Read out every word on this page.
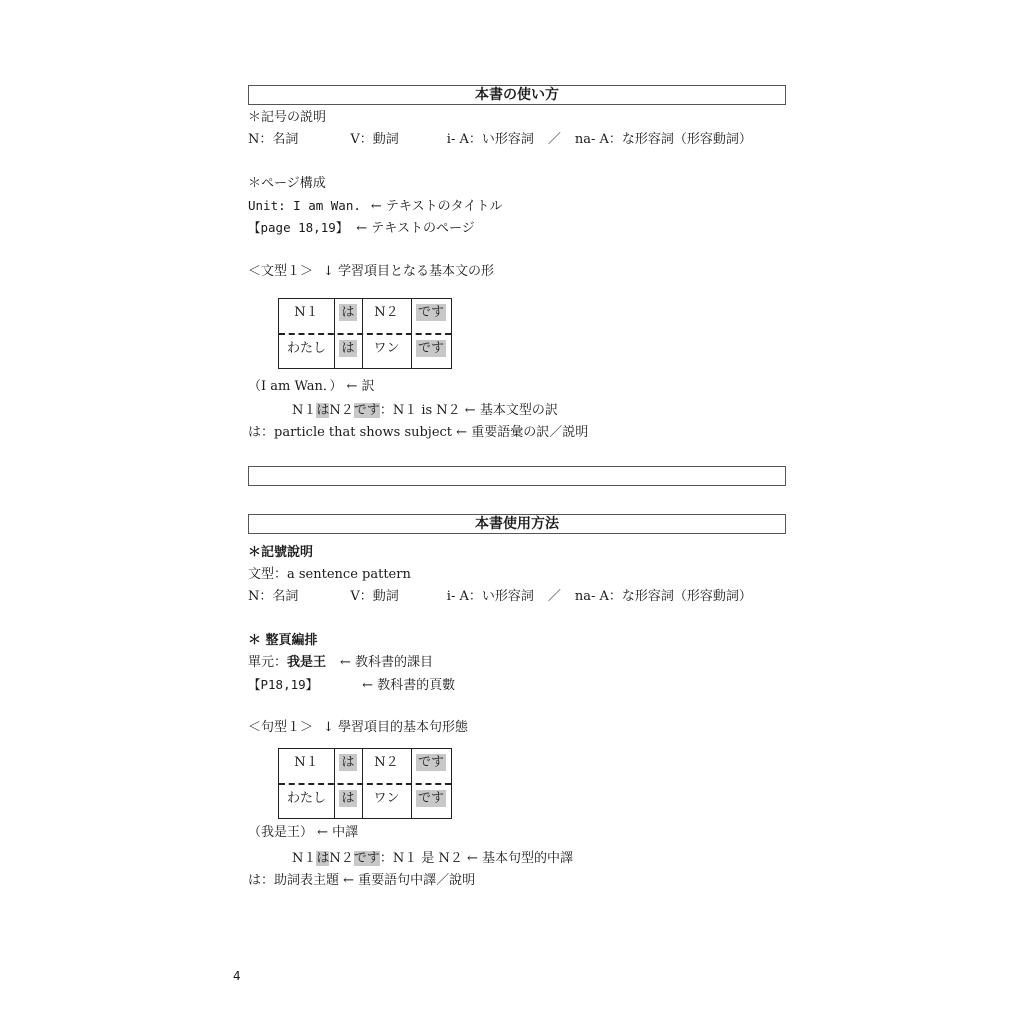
本書の使い方
＊記号の説明
N：名詞	V：動詞	i- A：い形容詞 ／ na- A：な形容詞（形容動詞）
＊ページ構成
Unit: I am Wan. ← テキストのタイトル
【page 18,19】 ← テキストのページ
＜文型１＞ ↓ 学習項目となる基本文の形
N１	は	N２	です
わたし	は	ワン	です
（I am Wan．） ← 訳
N１はN２です：N１ is N２ ← 基本文型の訳
は：particle that shows subject ← 重要語彙の訳／説明
本書使用方法
＊記號說明
文型：a sentence pattern
N：名詞	V：動詞	i- A：い形容詞 ／ na- A：な形容詞（形容動詞）
＊ 整頁編排
單元：我是王 ← 教科書的課目
【P18,19】	← 教科書的頁數
＜句型１＞ ↓ 學習項目的基本句形態
N１	は	N２	です
わたし	は	ワン	です
（我是王） ← 中譯
N１はN２です：N１ 是 N２ ← 基本句型的中譯
は：助詞表主題 ← 重要語句中譯／說明
4
